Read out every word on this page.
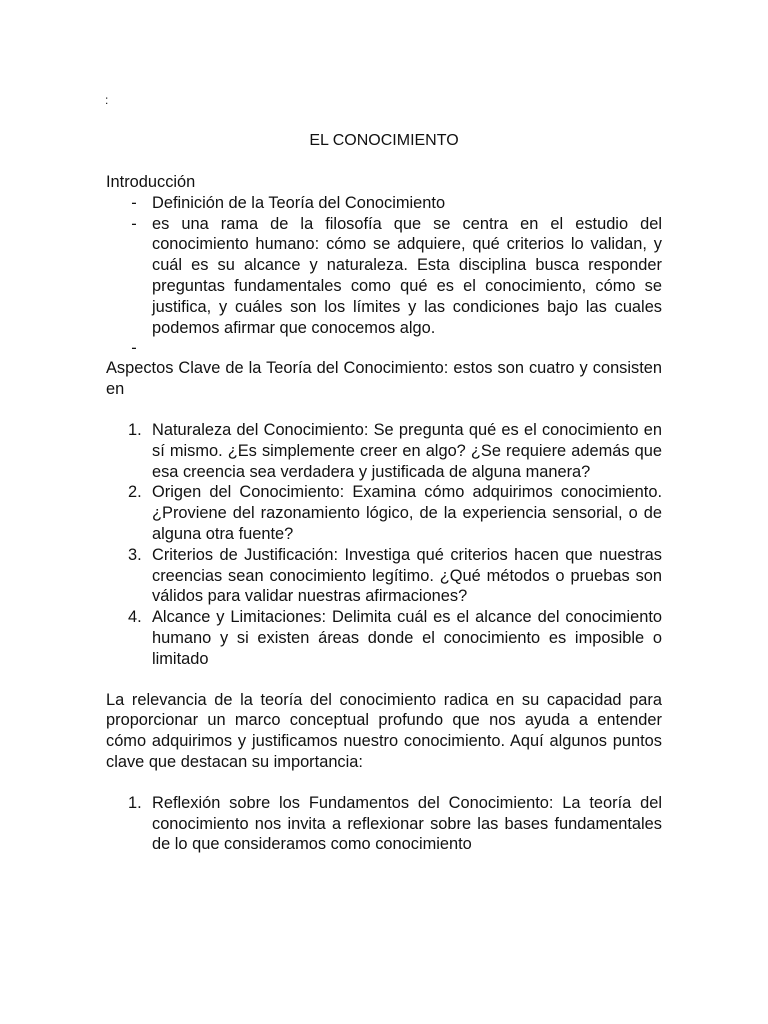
:
EL CONOCIMIENTO

Introducción

- Definición de la Teoría del Conocimiento
- es una rama de la filosofía que se centra en el estudio del conocimiento humano: cómo se adquiere, qué criterios lo validan, y cuál es su alcance y naturaleza. Esta disciplina busca responder preguntas fundamentales como qué es el conocimiento, cómo se justifica, y cuáles son los límites y las condiciones bajo las cuales podemos afirmar que conocemos algo.
-

Aspectos Clave de la Teoría del Conocimiento: estos son cuatro y consisten en

1. Naturaleza del Conocimiento: Se pregunta qué es el conocimiento en sí mismo. ¿Es simplemente creer en algo? ¿Se requiere además que esa creencia sea verdadera y justificada de alguna manera?
2. Origen del Conocimiento: Examina cómo adquirimos conocimiento. ¿Proviene del razonamiento lógico, de la experiencia sensorial, o de alguna otra fuente?
3. Criterios de Justificación: Investiga qué criterios hacen que nuestras creencias sean conocimiento legítimo. ¿Qué métodos o pruebas son válidos para validar nuestras afirmaciones?
4. Alcance y Limitaciones: Delimita cuál es el alcance del conocimiento humano y si existen áreas donde el conocimiento es imposible o limitado

La relevancia de la teoría del conocimiento radica en su capacidad para proporcionar un marco conceptual profundo que nos ayuda a entender cómo adquirimos y justificamos nuestro conocimiento. Aquí algunos puntos clave que destacan su importancia:

1. Reflexión sobre los Fundamentos del Conocimiento: La teoría del conocimiento nos invita a reflexionar sobre las bases fundamentales de lo que consideramos como conocimiento
